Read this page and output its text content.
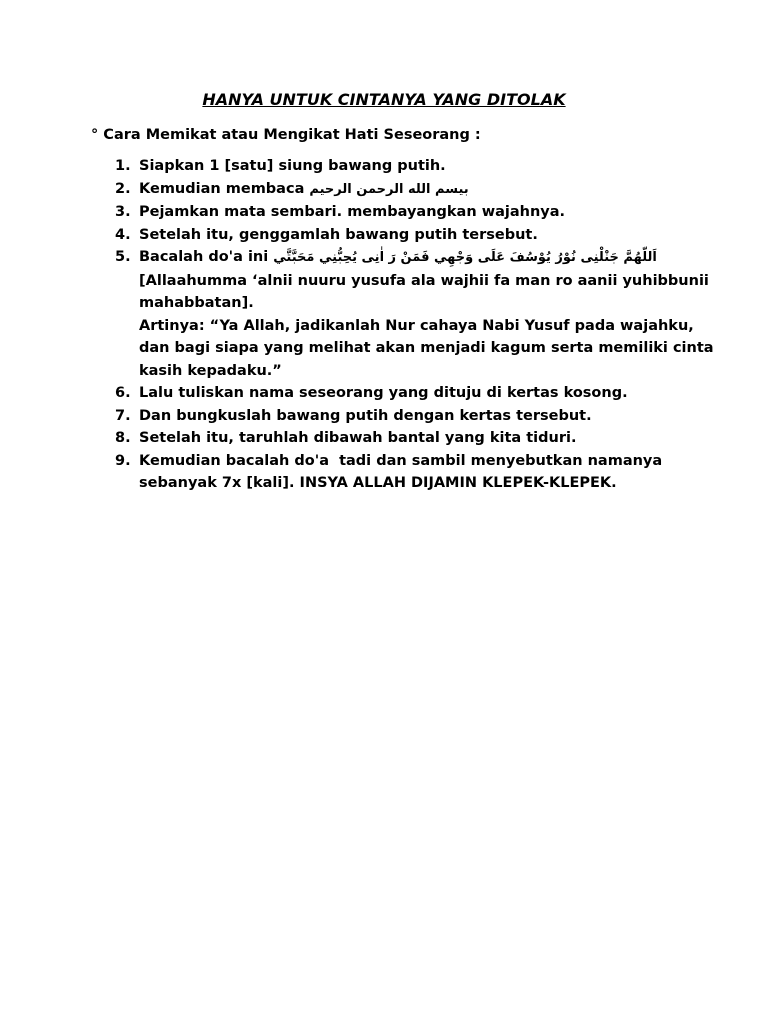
HANYA UNTUK CINTANYA YANG DITOLAK
° Cara Memikat atau Mengikat Hati Seseorang :
1. Siapkan 1 [satu] siung bawang putih.
2. Kemudian membaca بيسم الله الرحمن الرحيم
3. Pejamkan mata sembari. membayangkan wajahnya.
4. Setelah itu, genggamlah bawang putih tersebut.
5. Bacalah do'a ini اَللّهُمَّ جَنْلْنِى نُوْرُ يُوْسُفَ عَلَى وَجْهِي فَمَنْ رَ اٰنِى يُحِبُّنِي مَحَبَّتَّي
[Allaahumma ‘alnii nuuru yusufa ala wajhii fa man ro aanii yuhibbunii
mahabbatan].
Artinya: “Ya Allah, jadikanlah Nur cahaya Nabi Yusuf pada wajahku,
dan bagi siapa yang melihat akan menjadi kagum serta memiliki cinta
kasih kepadaku.”
6. Lalu tuliskan nama seseorang yang dituju di kertas kosong.
7. Dan bungkuslah bawang putih dengan kertas tersebut.
8. Setelah itu, taruhlah dibawah bantal yang kita tiduri.
9. Kemudian bacalah do'a  tadi dan sambil menyebutkan namanya
sebanyak 7x [kali]. INSYA ALLAH DIJAMIN KLEPEK-KLEPEK.
